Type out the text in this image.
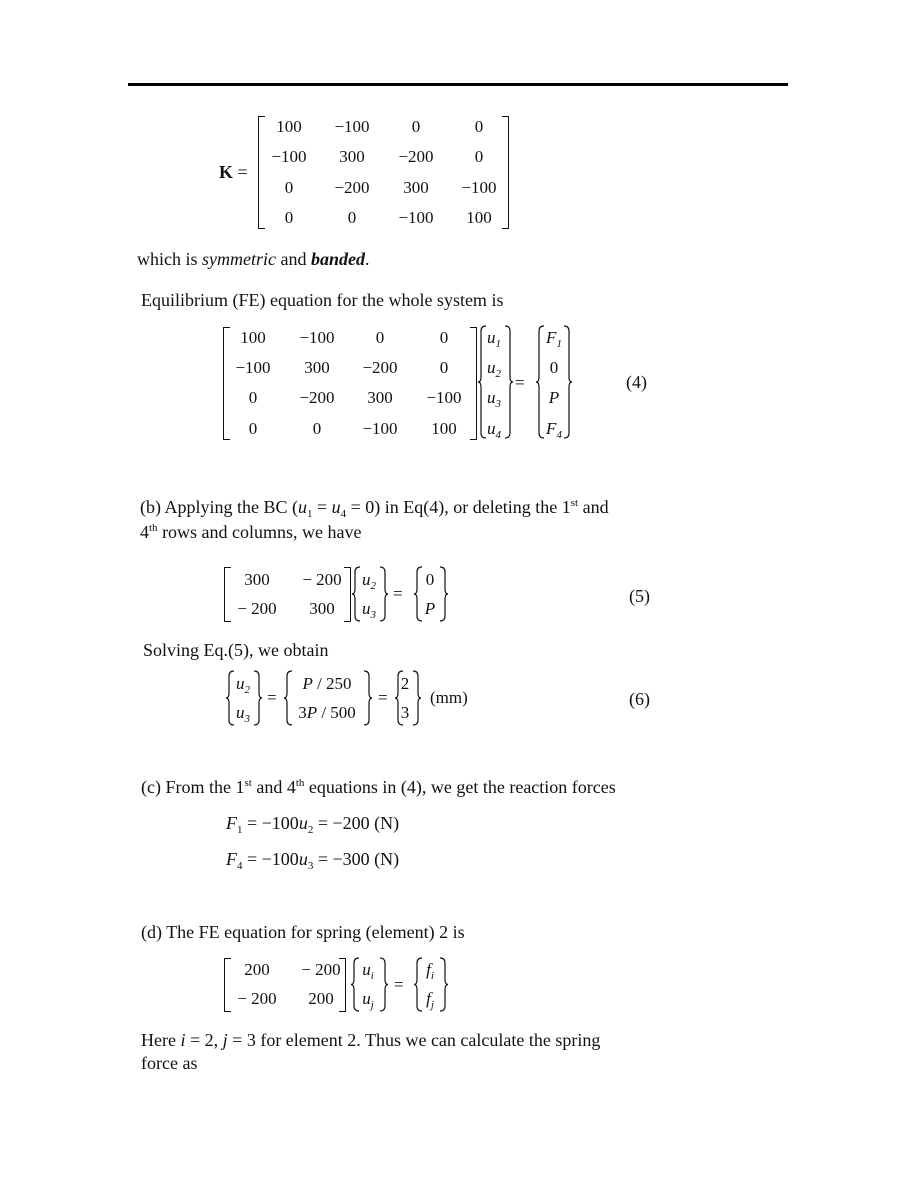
K =
100 −100 0	0
−100 300 −200 0
0 −200 300 −100
0	0 −100 100
which is symmetric and banded.
Equilibrium (FE) equation for the whole system is
100 −100 0	0
−100 300 −200 0
0 −200 300 −100
0	0 −100 100
$u_1$
$u_2$
$u_3$
$u_4$
=
$F_1$
0
P
$F_4$
(4)
(b) Applying the BC $(u_1 = u_4 = 0)$ in Eq(4), or deleting the 1st and
4th rows and columns, we have
300 − 200
− 200 300
$u_2$
$u_3$
=
0
P
(5)
Solving Eq.(5), we obtain
$u_2$
$u_3$
=
P / 250
3P / 500
=
2
3
(mm)	(6)
(c) From the 1st and 4th equations in (4), we get the reaction forces
$F_1 = -100u_2 = -200$ (N)
$F_4 = -100u_3 = -300$ (N)
(d) The FE equation for spring (element) 2 is
200 − 200
− 200 200
$u_i$
$u_j$
=
$f_i$
$f_j$
Here i = 2, j = 3 for element 2. Thus we can calculate the spring
force as
